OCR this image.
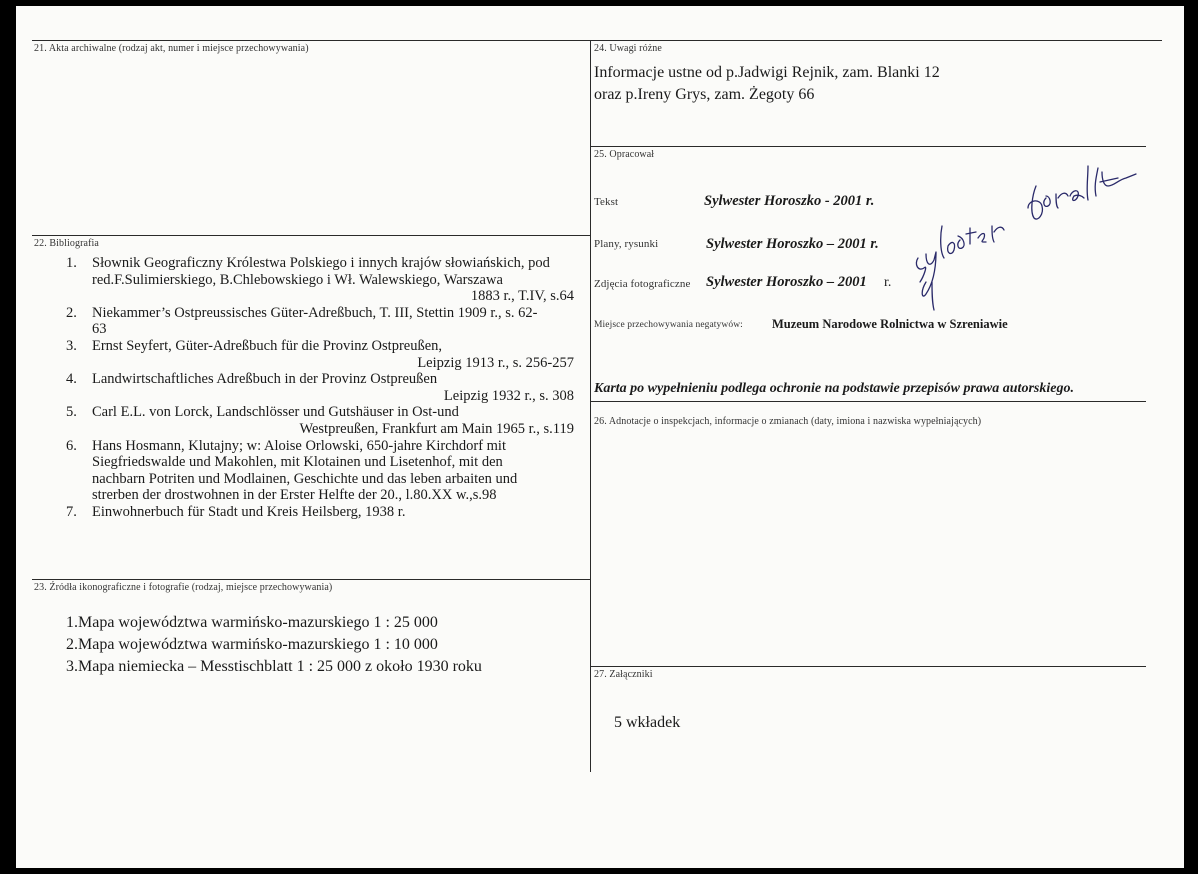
21. Akta archiwalne (rodzaj akt, numer i miejsce przechowywania)
22. Bibliografia
1. Słownik Geograficzny Królestwa Polskiego i innych krajów słowiańskich, pod
red.F.Sulimierskiego, B.Chlebowskiego i Wł. Walewskiego, Warszawa
1883 r., T.IV, s.64
2. Niekammer’s Ostpreussisches Güter-Adreßbuch, T. III, Stettin 1909 r., s. 62-
63
3. Ernst Seyfert, Güter-Adreßbuch für die Provinz Ostpreußen,
Leipzig 1913 r., s. 256-257
4. Landwirtschaftliches Adreßbuch in der Provinz Ostpreußen
Leipzig 1932 r., s. 308
5. Carl E.L. von Lorck, Landschlösser und Gutshäuser in Ost-und
Westpreußen, Frankfurt am Main 1965 r., s.119
6. Hans Hosmann, Klutajny; w: Aloise Orlowski, 650-jahre Kirchdorf mit
Siegfriedswalde und Makohlen, mit Klotainen und Lisetenhof, mit den
nachbarn Potriten und Modlainen, Geschichte und das leben arbaiten und
strerben der drostwohnen in der Erster Helfte der 20., l.80.XX w.,s.98
7. Einwohnerbuch für Stadt und Kreis Heilsberg, 1938 r.
23. Źródła ikonograficzne i fotografie (rodzaj, miejsce przechowywania)
1.Mapa województwa warmińsko-mazurskiego 1 : 25 000
2.Mapa województwa warmińsko-mazurskiego 1 : 10 000
3.Mapa niemiecka – Messtischblatt 1 : 25 000 z około 1930 roku
24. Uwagi różne
Informacje ustne od p.Jadwigi Rejnik, zam. Blanki 12
oraz p.Ireny Grys, zam. Żegoty 66
25. Opracował
Tekst	Sylwester Horoszko - 2001 r.
Plany, rysunki	Sylwester Horoszko – 2001 r.
Zdjęcia fotograficzne Sylwester Horoszko – 2001 r.
Miejsce przechowywania negatywów: Muzeum Narodowe Rolnictwa w Szreniawie
Karta po wypełnieniu podlega ochronie na podstawie przepisów prawa autorskiego.
26. Adnotacje o inspekcjach, informacje o zmianach (daty, imiona i nazwiska wypełniających)
27. Załączniki
5 wkładek
